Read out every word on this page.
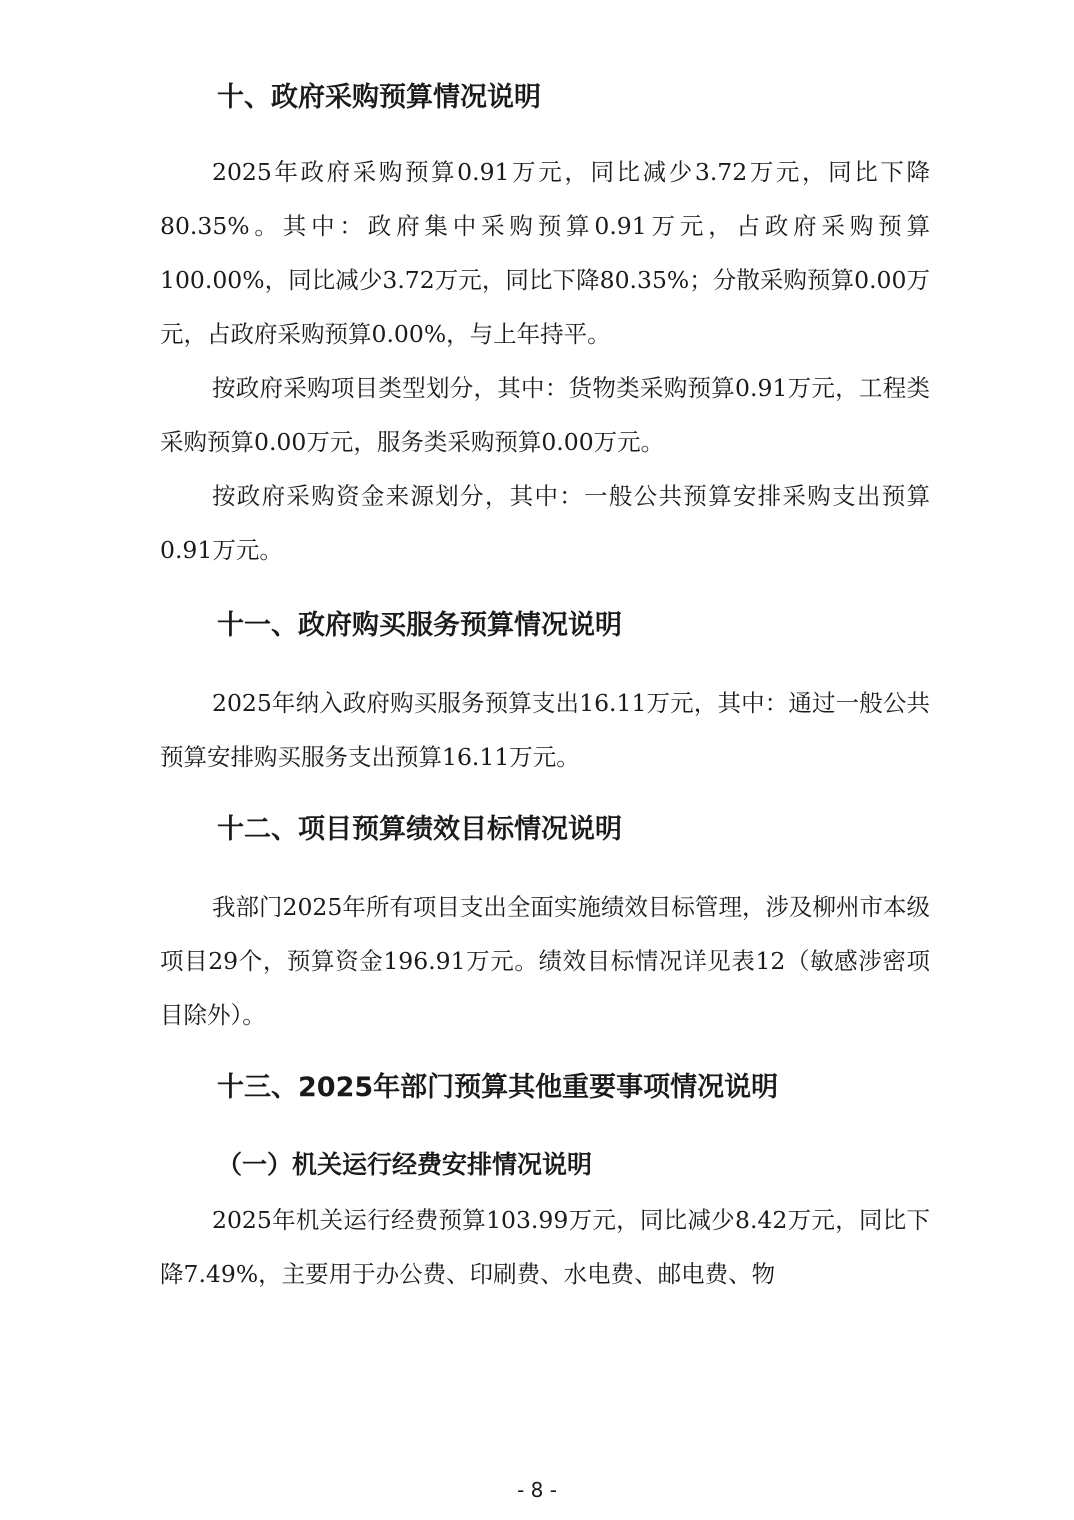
十、政府采购预算情况说明

2025年政府采购预算0.91万元，同比减少3.72万元，同比下降80.35%。其中：政府集中采购预算0.91万元，占政府采购预算100.00%，同比减少3.72万元，同比下降80.35%；分散采购预算0.00万元，占政府采购预算0.00%，与上年持平。

按政府采购项目类型划分，其中：货物类采购预算0.91万元，工程类采购预算0.00万元，服务类采购预算0.00万元。

按政府采购资金来源划分，其中：一般公共预算安排采购支出预算0.91万元。

十一、政府购买服务预算情况说明

2025年纳入政府购买服务预算支出16.11万元，其中：通过一般公共预算安排购买服务支出预算16.11万元。

十二、项目预算绩效目标情况说明

我部门2025年所有项目支出全面实施绩效目标管理，涉及柳州市本级项目29个，预算资金196.91万元。绩效目标情况详见表12（敏感涉密项目除外）。

十三、2025年部门预算其他重要事项情况说明
（一）机关运行经费安排情况说明

2025年机关运行经费预算103.99万元，同比减少8.42万元，同比下降7.49%，主要用于办公费、印刷费、水电费、邮电费、物

- 8 -
